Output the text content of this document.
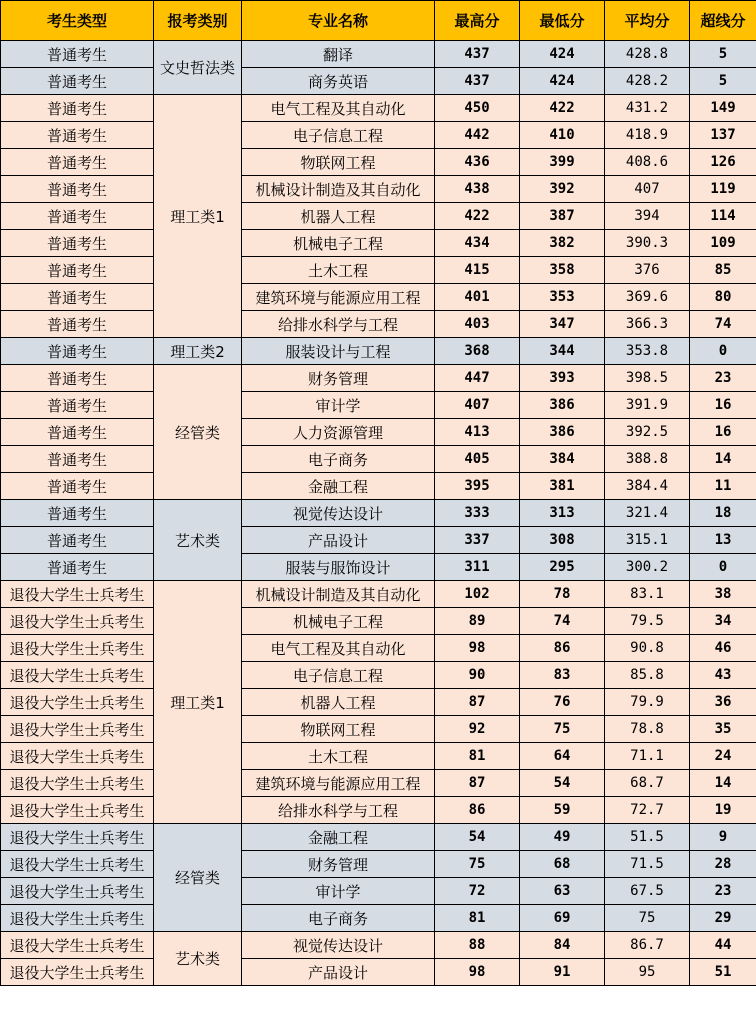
考生类型	报考类别	专业名称	最高分	最低分	平均分	超线分
普通考生	文史哲法类	翻译	437	424	428.8	5
普通考生		商务英语	437	424	428.2	5
普通考生	理工类1	电气工程及其自动化	450	422	431.2	149
普通考生		电子信息工程	442	410	418.9	137
普通考生		物联网工程	436	399	408.6	126
普通考生		机械设计制造及其自动化	438	392	407	119
普通考生		机器人工程	422	387	394	114
普通考生		机械电子工程	434	382	390.3	109
普通考生		土木工程	415	358	376	85
普通考生		建筑环境与能源应用工程	401	353	369.6	80
普通考生		给排水科学与工程	403	347	366.3	74
普通考生	理工类2	服装设计与工程	368	344	353.8	0
普通考生	经管类	财务管理	447	393	398.5	23
普通考生		审计学	407	386	391.9	16
普通考生		人力资源管理	413	386	392.5	16
普通考生		电子商务	405	384	388.8	14
普通考生		金融工程	395	381	384.4	11
普通考生	艺术类	视觉传达设计	333	313	321.4	18
普通考生		产品设计	337	308	315.1	13
普通考生		服装与服饰设计	311	295	300.2	0
退役大学生士兵考生	理工类1	机械设计制造及其自动化	102	78	83.1	38
退役大学生士兵考生		机械电子工程	89	74	79.5	34
退役大学生士兵考生		电气工程及其自动化	98	86	90.8	46
退役大学生士兵考生		电子信息工程	90	83	85.8	43
退役大学生士兵考生		机器人工程	87	76	79.9	36
退役大学生士兵考生		物联网工程	92	75	78.8	35
退役大学生士兵考生		土木工程	81	64	71.1	24
退役大学生士兵考生		建筑环境与能源应用工程	87	54	68.7	14
退役大学生士兵考生		给排水科学与工程	86	59	72.7	19
退役大学生士兵考生	经管类	金融工程	54	49	51.5	9
退役大学生士兵考生		财务管理	75	68	71.5	28
退役大学生士兵考生		审计学	72	63	67.5	23
退役大学生士兵考生		电子商务	81	69	75	29
退役大学生士兵考生	艺术类	视觉传达设计	88	84	86.7	44
退役大学生士兵考生		产品设计	98	91	95	51
